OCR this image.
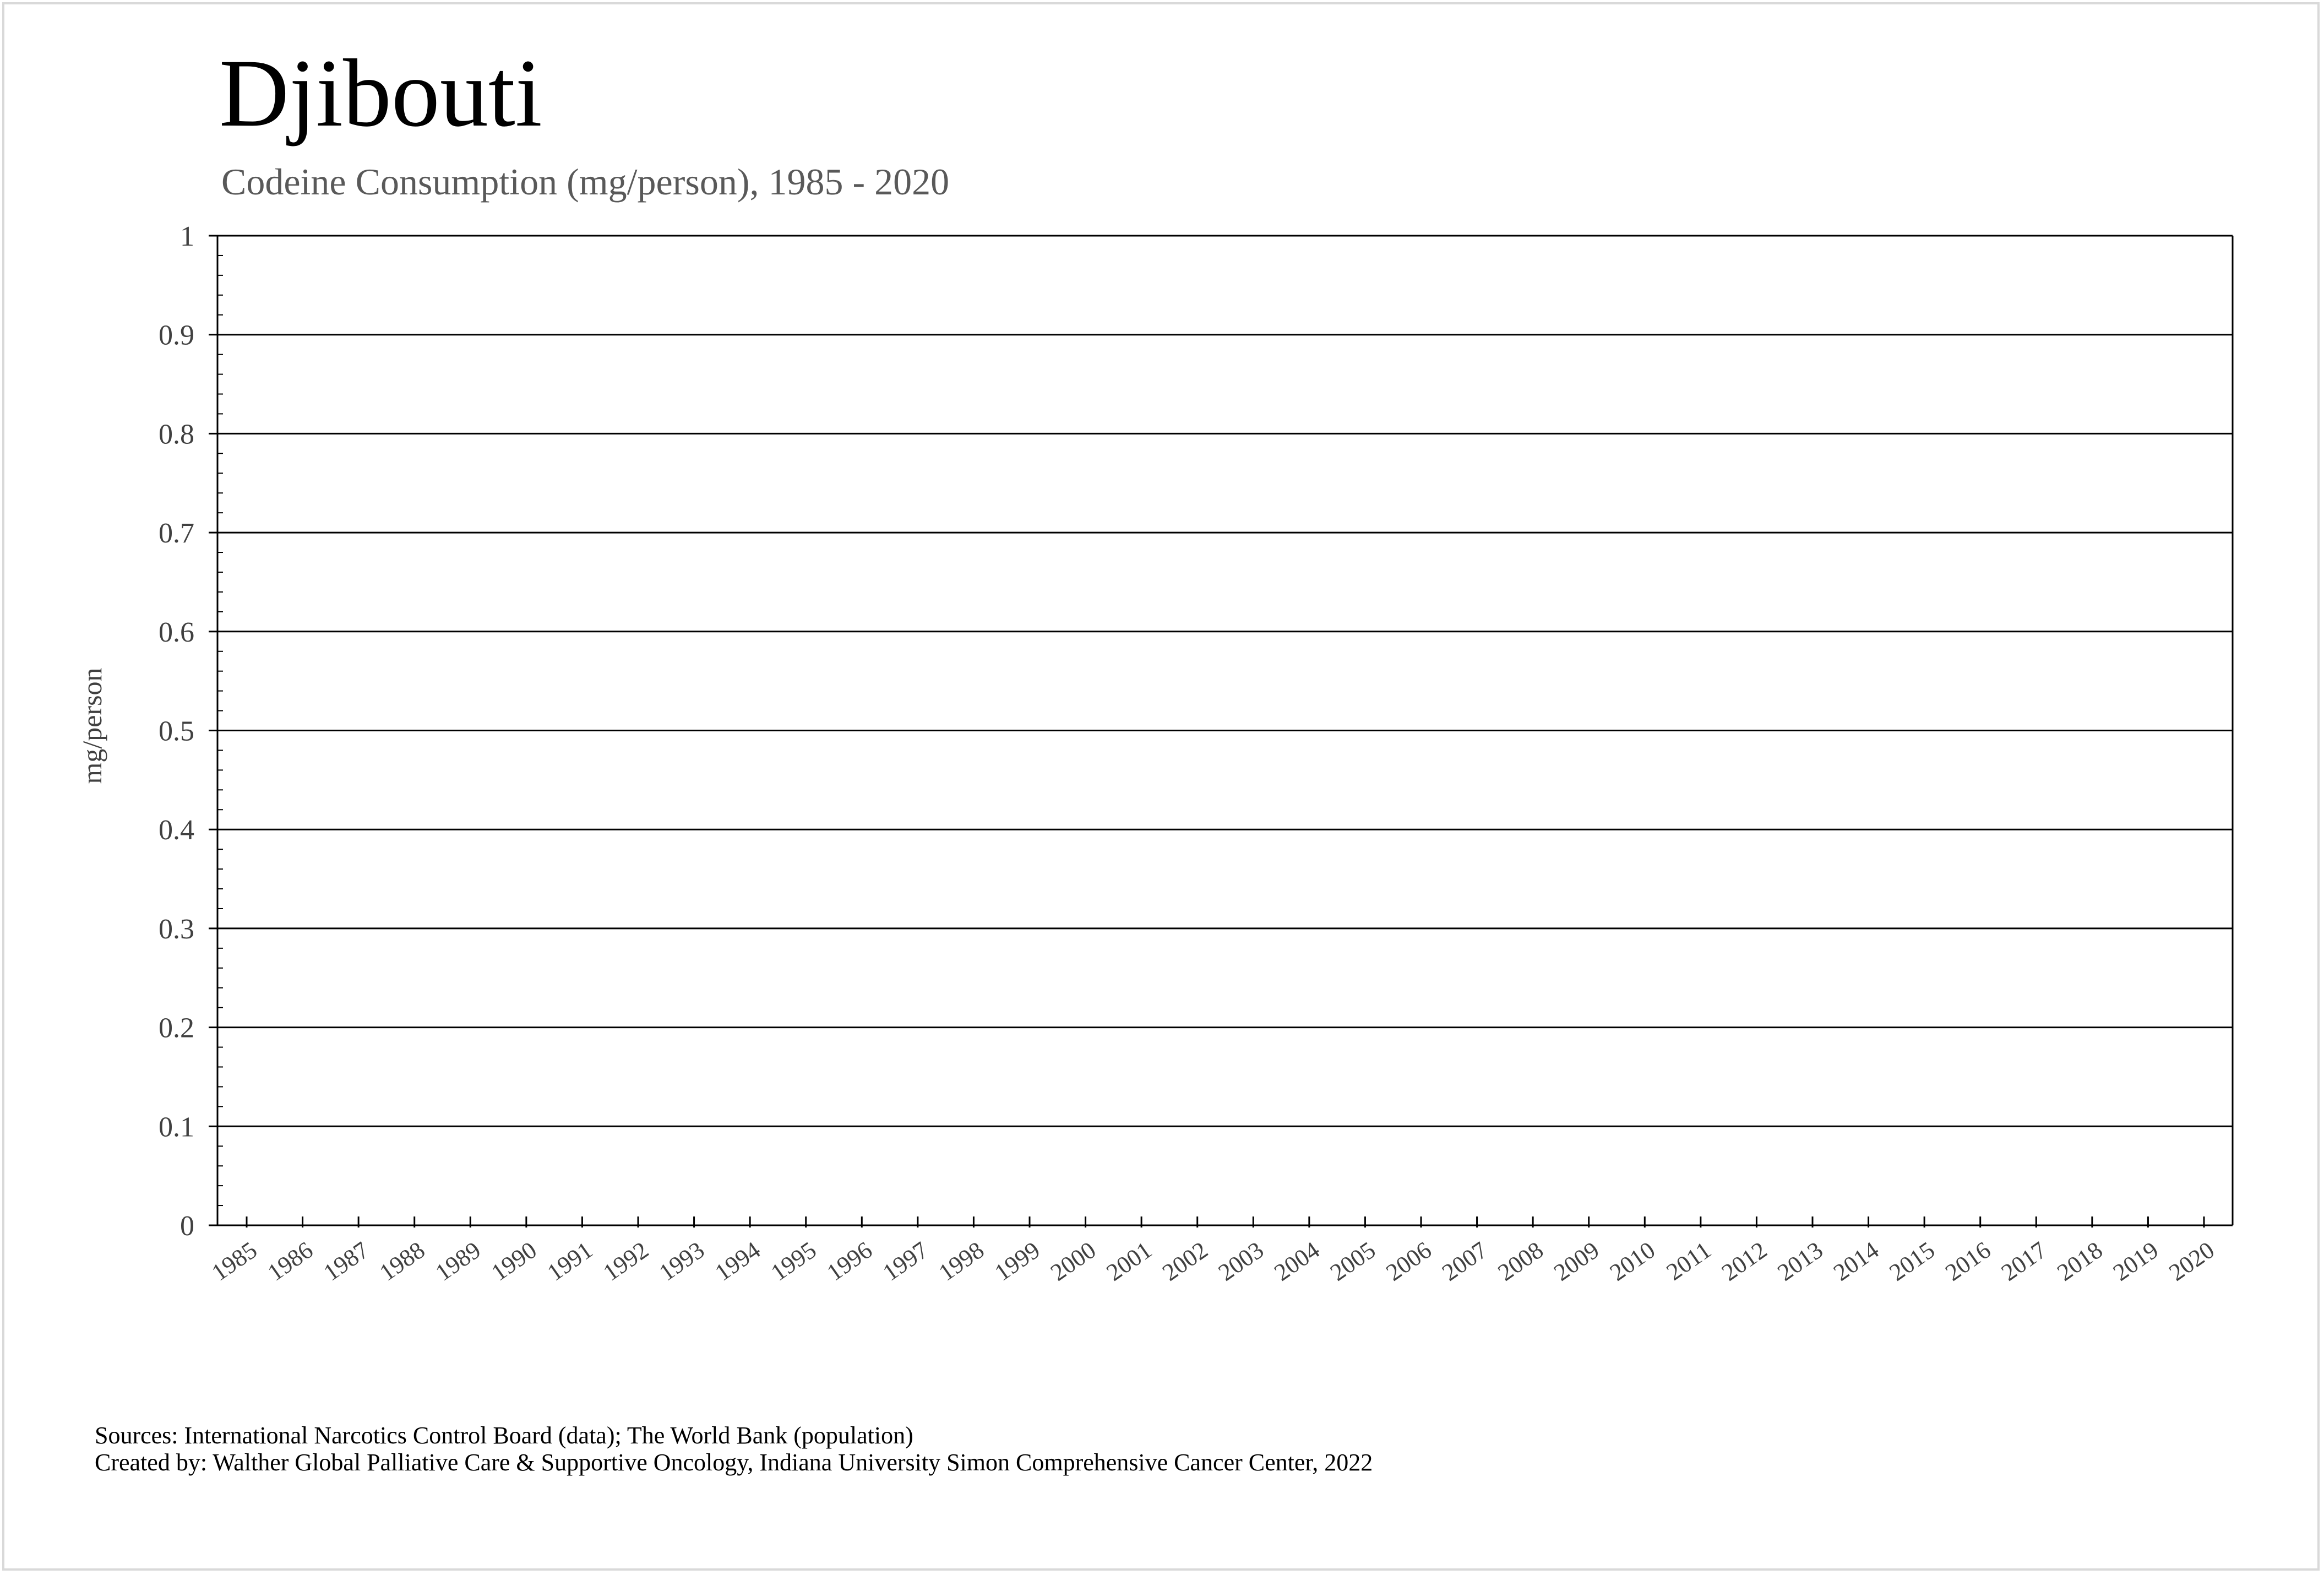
Djibouti
Codeine Consumption (mg/person), 1985 - 2020
0
0.1
0.2
0.3
0.4
0.5
0.6
0.7
0.8
0.9
1
1985 1986 1987 1988 1989 1990 1991 1992 1993 1994 1995 1996 1997 1998 1999 2000 2001 2002 2003 2004 2005 2006 2007 2008 2009 2010 2011 2012 2013 2014 2015 2016 2017 2018 2019 2020
mg/person
Sources: International Narcotics Control Board (data); The World Bank (population)
Created by: Walther Global Palliative Care & Supportive Oncology, Indiana University Simon Comprehensive Cancer Center, 2022
